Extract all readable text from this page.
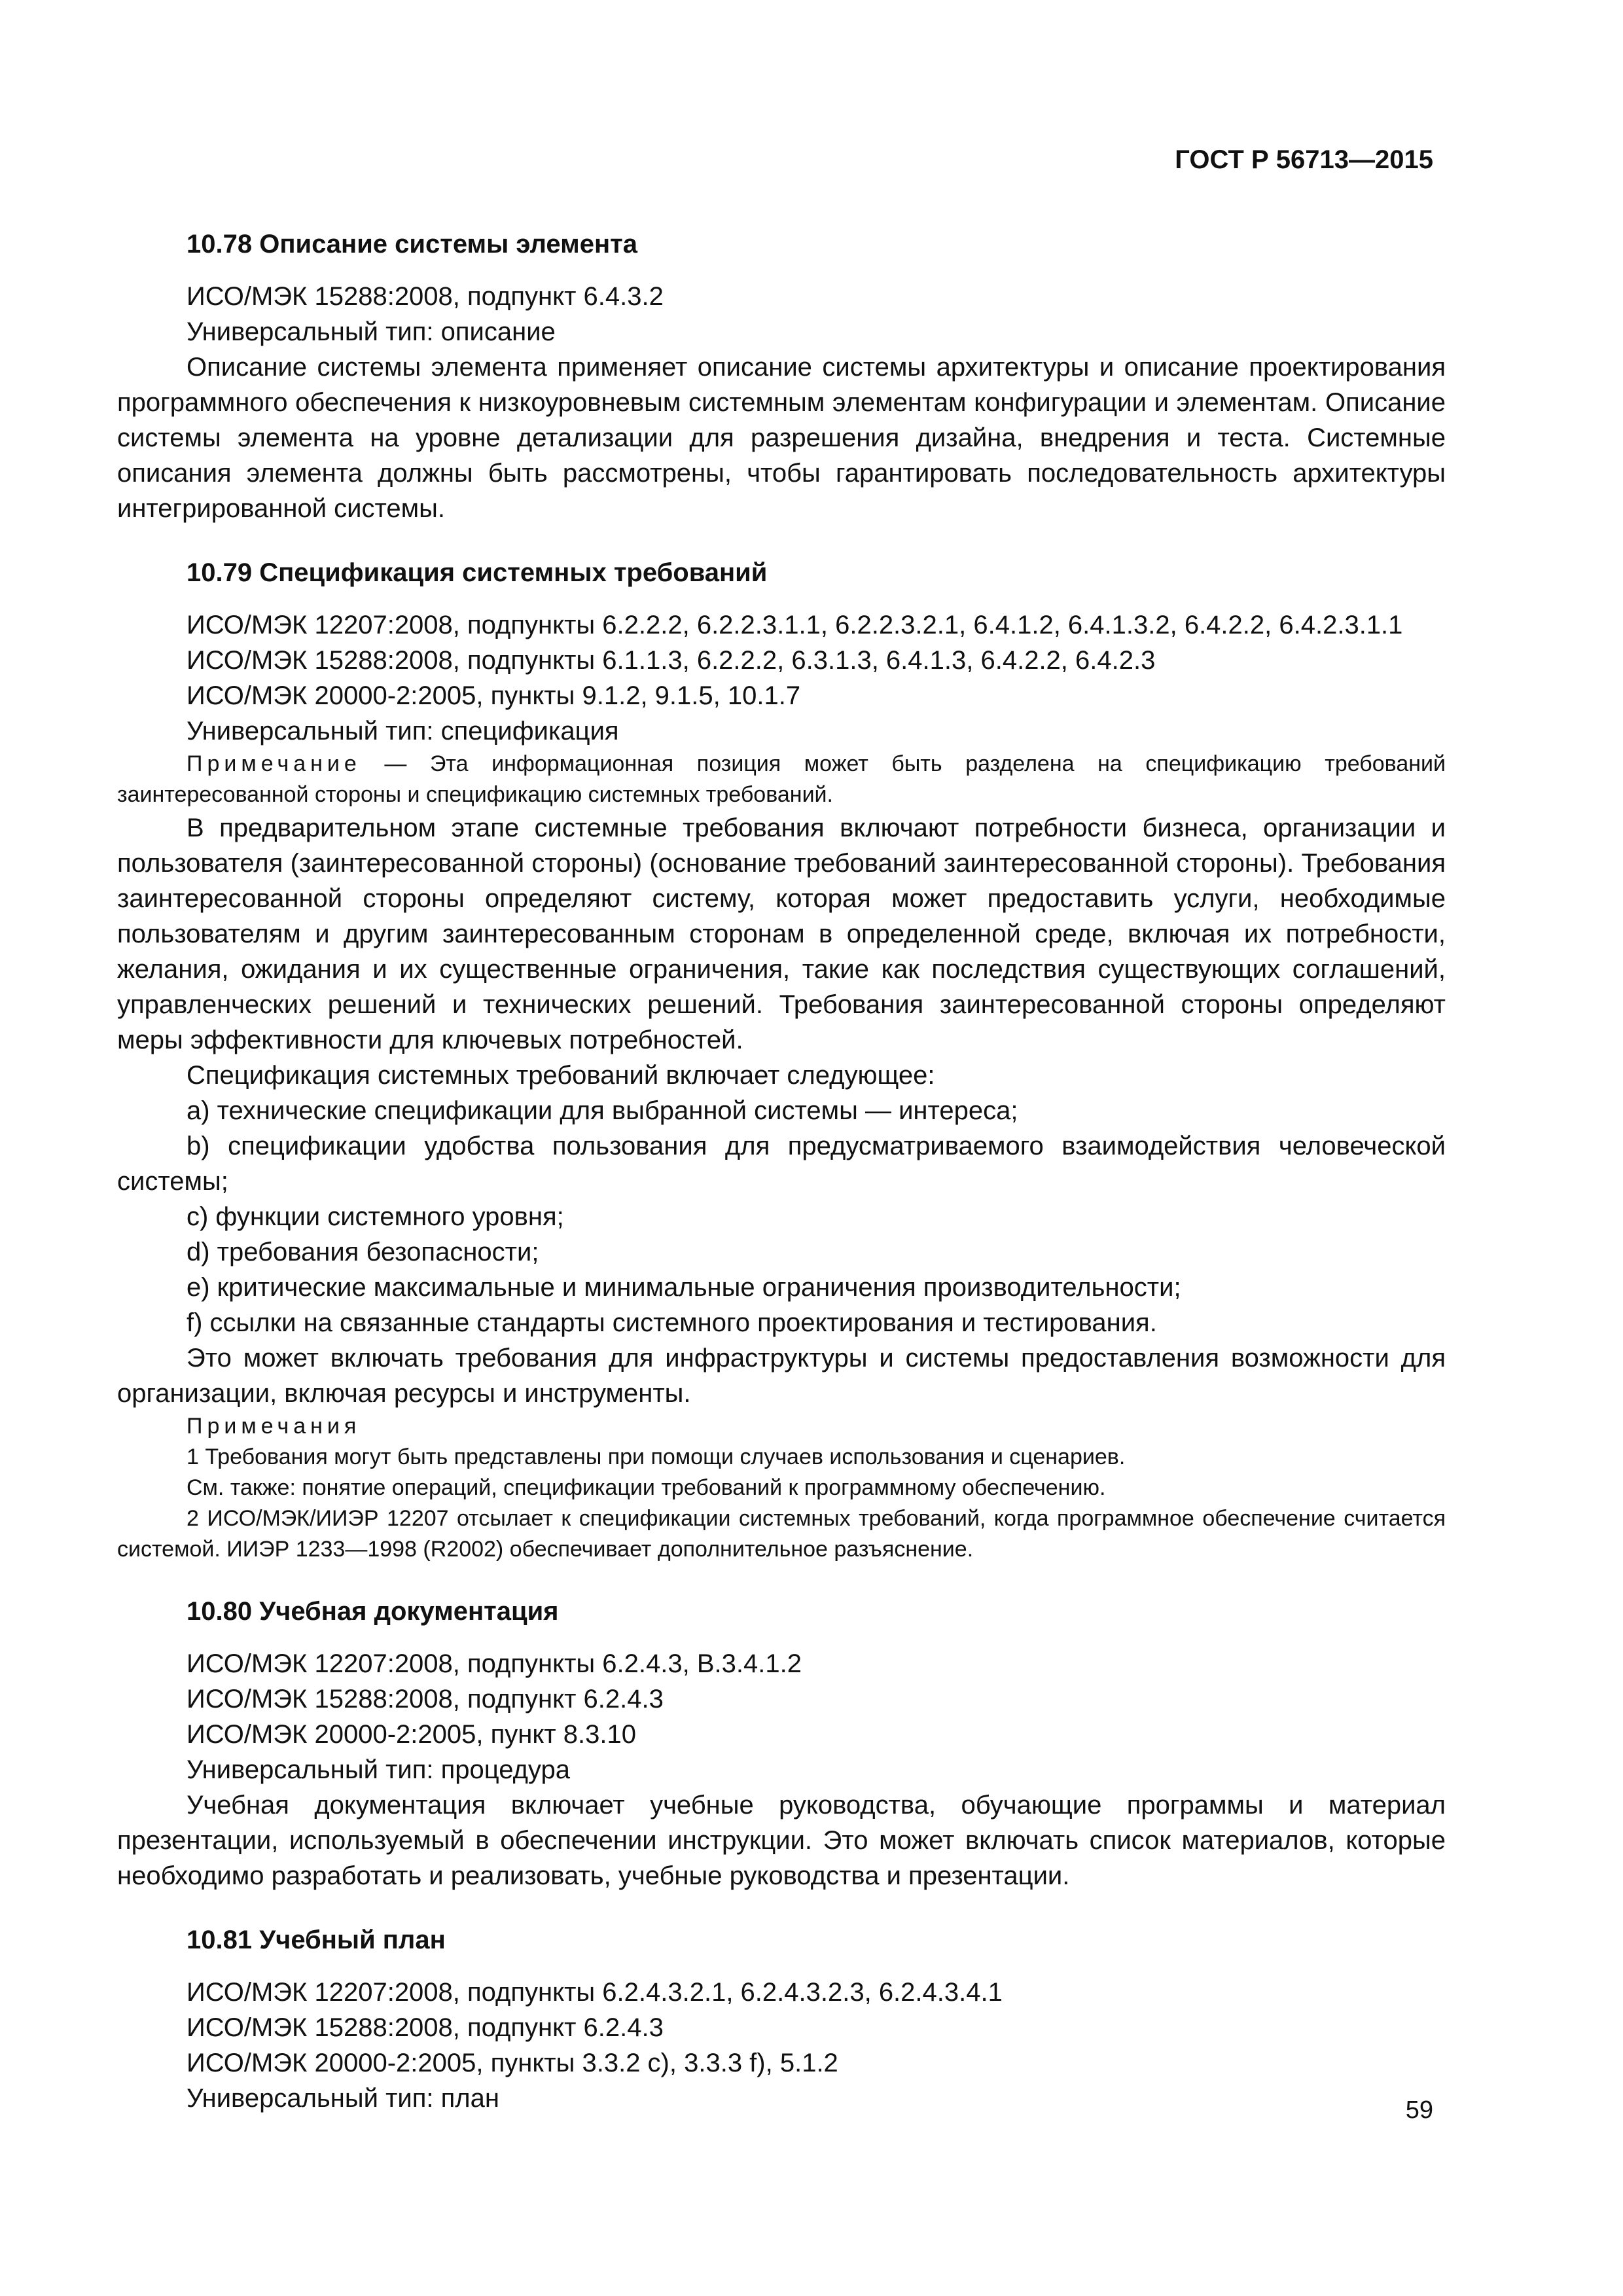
ГОСТ Р 56713—2015
10.78 Описание системы элемента

ИСО/МЭК 15288:2008, подпункт 6.4.3.2

Универсальный тип: описание

Описание системы элемента применяет описание системы архитектуры и описание проектирования программного обеспечения к низкоуровневым системным элементам конфигурации и элементам. Описание системы элемента на уровне детализации для разрешения дизайна, внедрения и теста. Системные описания элемента должны быть рассмотрены, чтобы гарантировать последовательность архитектуры интегрированной системы.

10.79 Спецификация системных требований

ИСО/МЭК 12207:2008, подпункты 6.2.2.2, 6.2.2.3.1.1, 6.2.2.3.2.1, 6.4.1.2, 6.4.1.3.2, 6.4.2.2, 6.4.2.3.1.1

ИСО/МЭК 15288:2008, подпункты 6.1.1.3, 6.2.2.2, 6.3.1.3, 6.4.1.3, 6.4.2.2, 6.4.2.3

ИСО/МЭК 20000-2:2005, пункты 9.1.2, 9.1.5, 10.1.7

Универсальный тип: спецификация

Примечание — Эта информационная позиция может быть разделена на спецификацию требований заинтересованной стороны и спецификацию системных требований.

В предварительном этапе системные требования включают потребности бизнеса, организации и пользователя (заинтересованной стороны) (основание требований заинтересованной стороны). Требования заинтересованной стороны определяют систему, которая может предоставить услуги, необходимые пользователям и другим заинтересованным сторонам в определенной среде, включая их потребности, желания, ожидания и их существенные ограничения, такие как последствия существующих соглашений, управленческих решений и технических решений. Требования заинтересованной стороны определяют меры эффективности для ключевых потребностей.

Спецификация системных требований включает следующее:

a) технические спецификации для выбранной системы — интереса;

b) спецификации удобства пользования для предусматриваемого взаимодействия человеческой системы;

c) функции системного уровня;

d) требования безопасности;

e) критические максимальные и минимальные ограничения производительности;

f) ссылки на связанные стандарты системного проектирования и тестирования.

Это может включать требования для инфраструктуры и системы предоставления возможности для организации, включая ресурсы и инструменты.

Примечания

1 Требования могут быть представлены при помощи случаев использования и сценариев.

См. также: понятие операций, спецификации требований к программному обеспечению.

2 ИСО/МЭК/ИИЭР 12207 отсылает к спецификации системных требований, когда программное обеспечение считается системой. ИИЭР 1233—1998 (R2002) обеспечивает дополнительное разъяснение.

10.80 Учебная документация

ИСО/МЭК 12207:2008, подпункты 6.2.4.3, B.3.4.1.2

ИСО/МЭК 15288:2008, подпункт 6.2.4.3

ИСО/МЭК 20000-2:2005, пункт 8.3.10

Универсальный тип: процедура

Учебная документация включает учебные руководства, обучающие программы и материал презентации, используемый в обеспечении инструкции. Это может включать список материалов, которые необходимо разработать и реализовать, учебные руководства и презентации.

10.81 Учебный план

ИСО/МЭК 12207:2008, подпункты 6.2.4.3.2.1, 6.2.4.3.2.3, 6.2.4.3.4.1

ИСО/МЭК 15288:2008, подпункт 6.2.4.3

ИСО/МЭК 20000-2:2005, пункты 3.3.2 c), 3.3.3 f), 5.1.2

Универсальный тип: план	59
